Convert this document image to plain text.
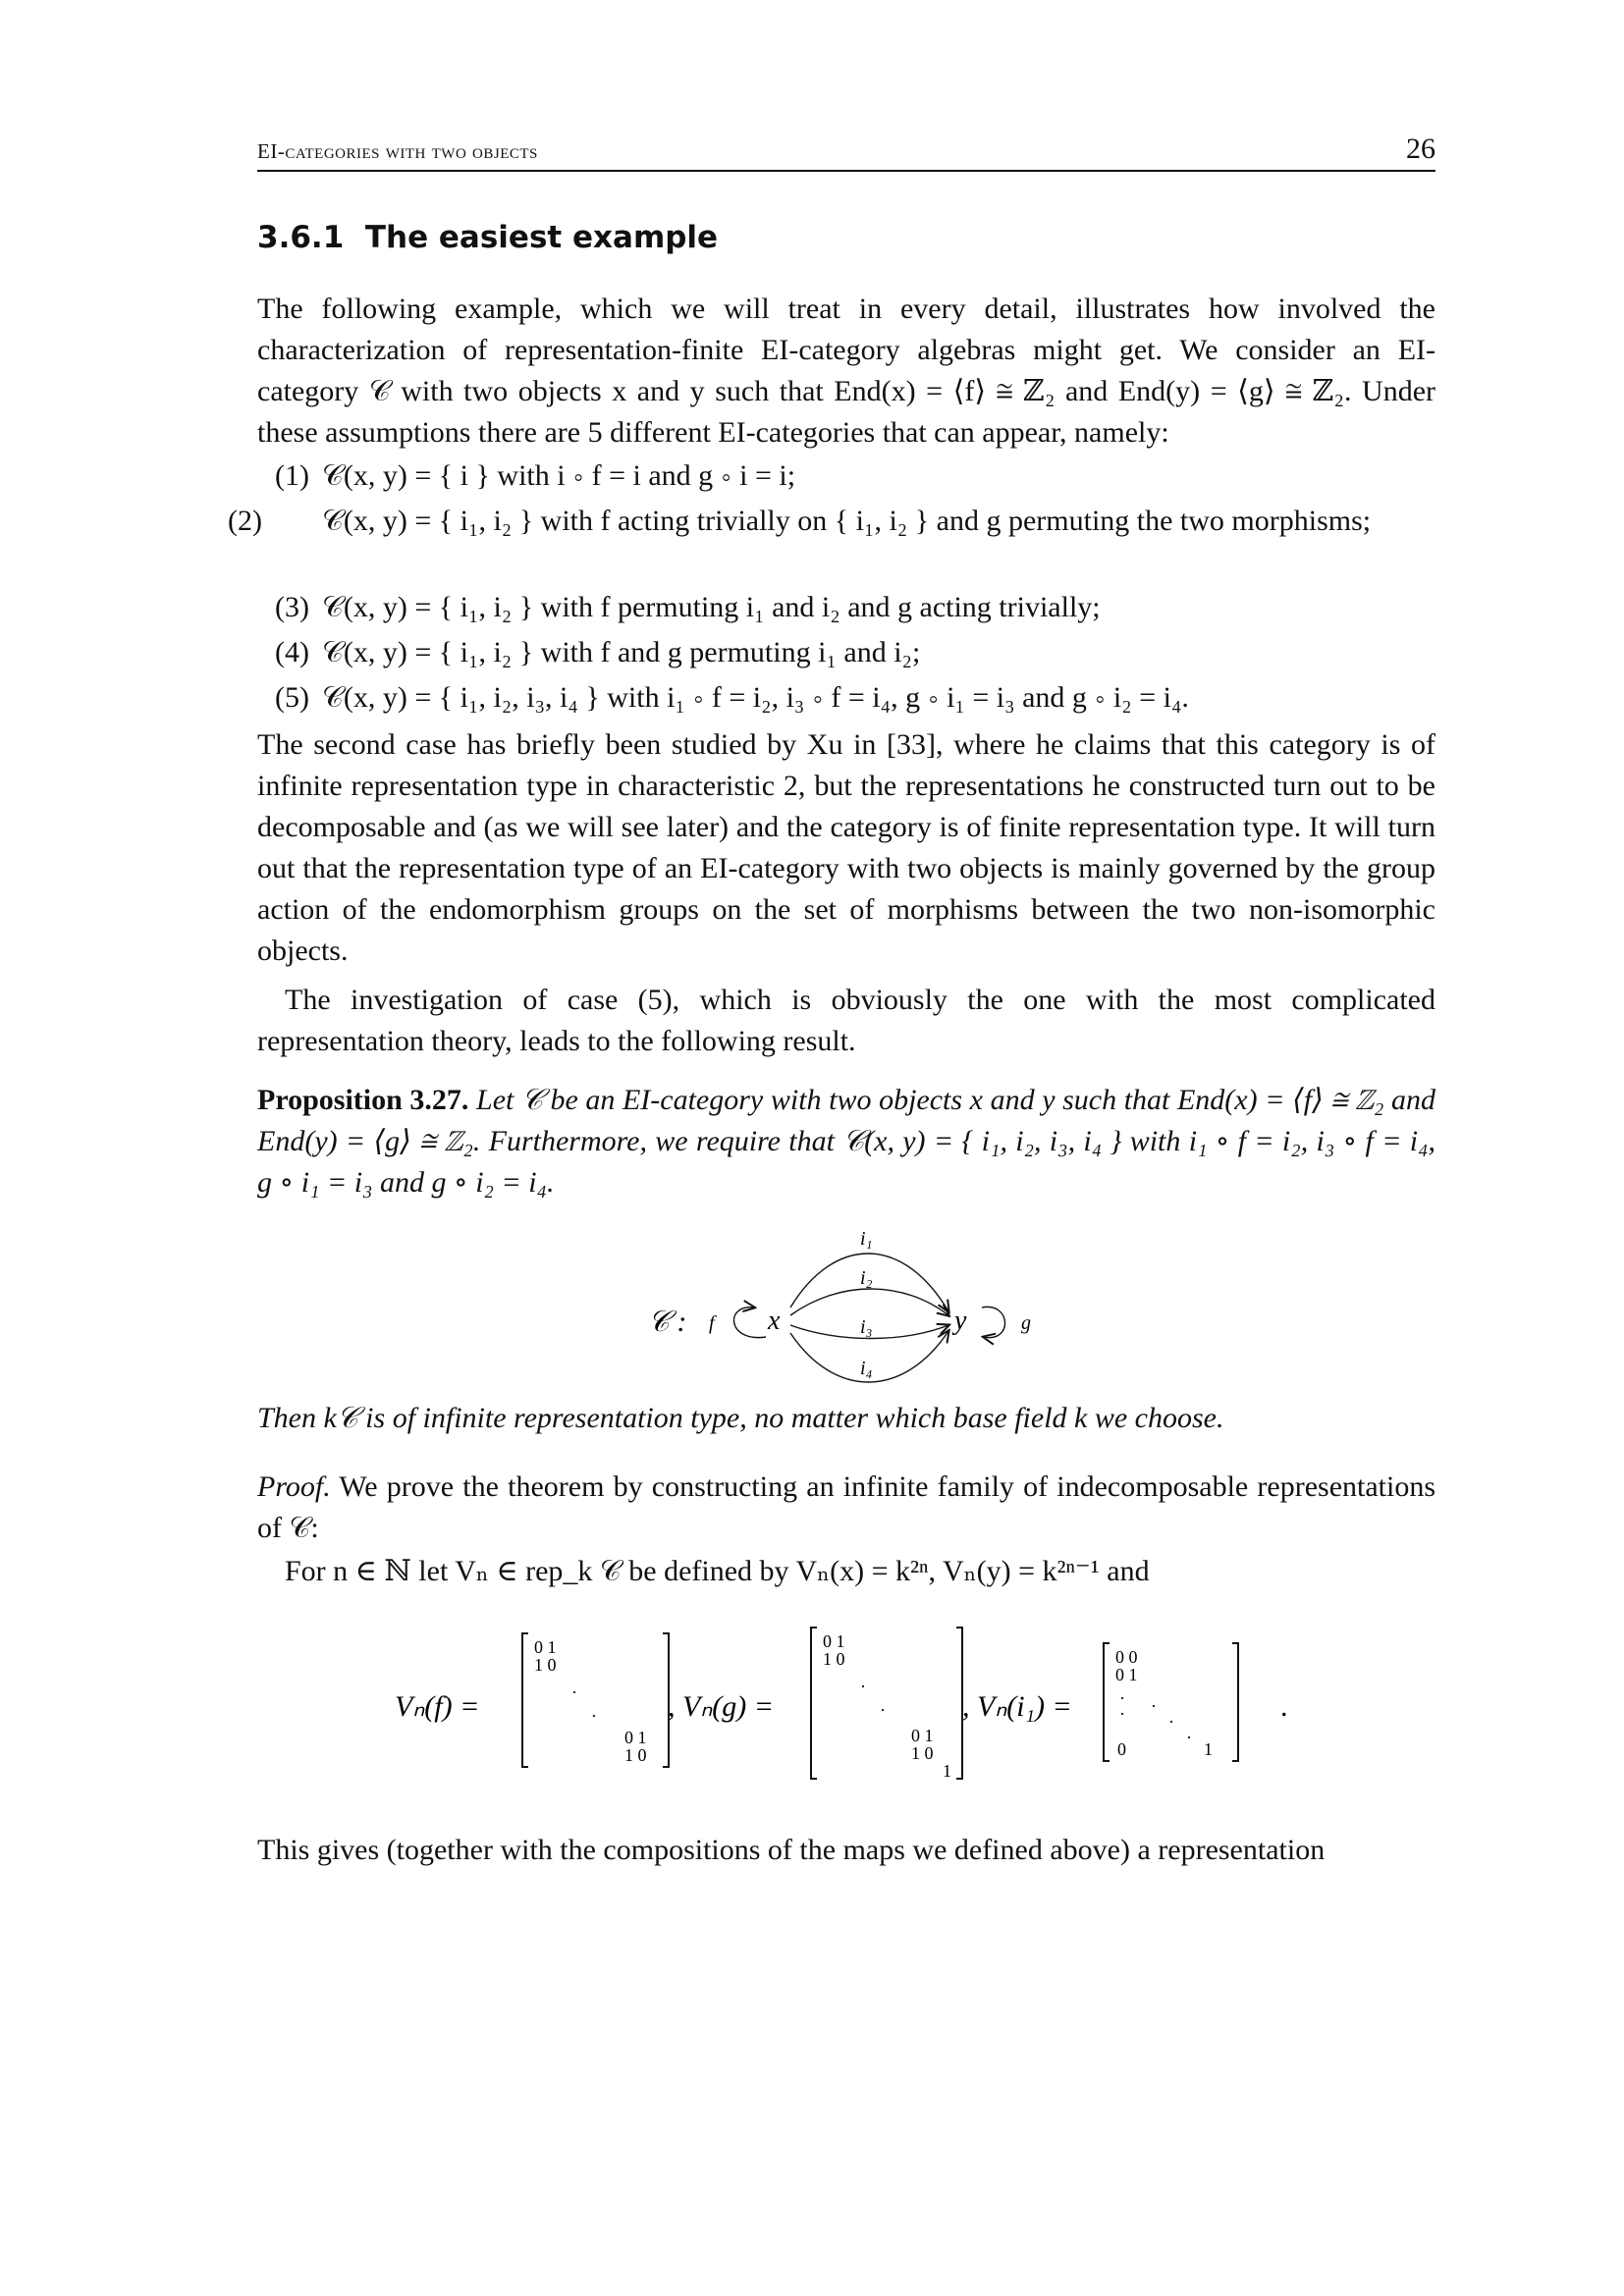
EI-categories with two objects	26
3.6.1 The easiest example

The following example, which we will treat in every detail, illustrates how involved the characterization of representation-finite EI-category algebras might get. We consider an EI-category 𝒞 with two objects x and y such that End(x) = ⟨f⟩ ≅ ℤ₂ and End(y) = ⟨g⟩ ≅ ℤ₂. Under these assumptions there are 5 different EI-categories that can appear, namely:

(1) 𝒞(x, y) = { i } with i ∘ f = i and g ∘ i = i;
(2) 𝒞(x, y) = { i₁, i₂ } with f acting trivially on { i₁, i₂ } and g permuting the two morphisms;
(3) 𝒞(x, y) = { i₁, i₂ } with f permuting i₁ and i₂ and g acting trivially;
(4) 𝒞(x, y) = { i₁, i₂ } with f and g permuting i₁ and i₂;
(5) 𝒞(x, y) = { i₁, i₂, i₃, i₄ } with i₁ ∘ f = i₂, i₃ ∘ f = i₄, g ∘ i₁ = i₃ and g ∘ i₂ = i₄.

The second case has briefly been studied by Xu in [33], where he claims that this category is of infinite representation type in characteristic 2, but the representations he constructed turn out to be decomposable and (as we will see later) and the category is of finite representation type. It will turn out that the representation type of an EI-category with two objects is mainly governed by the group action of the endomorphism groups on the set of morphisms between the two non-isomorphic objects.

The investigation of case (5), which is obviously the one with the most complicated representation theory, leads to the following result.

Proposition 3.27. Let 𝒞 be an EI-category with two objects x and y such that End(x) = ⟨f⟩ ≅ ℤ₂ and End(y) = ⟨g⟩ ≅ ℤ₂. Furthermore, we require that 𝒞(x, y) = { i₁, i₂, i₃, i₄ } with i₁ ∘ f = i₂, i₃ ∘ f = i₄, g ∘ i₁ = i₃ and g ∘ i₂ = i₄.

𝒞 : f x	y	g
i₁
i₂
i₃
i₄

Then k𝒞 is of infinite representation type, no matter which base field k we choose.

Proof. We prove the theorem by constructing an infinite family of indecomposable representations of 𝒞:

For n ∈ ℕ let Vₙ ∈ rep_k 𝒞 be defined by Vₙ(x) = k²ⁿ, Vₙ(y) = k²ⁿ⁻¹ and

Vₙ(f) =	, Vₙ(g) =	, Vₙ(i₁) =	.
0 1
1 0
·
·
0 1
1 0
0 1
1 0
·
·
0 1
1 0
1
0 0
0 1
·
· ·
·
0
·
1

This gives (together with the compositions of the maps we defined above) a representation
